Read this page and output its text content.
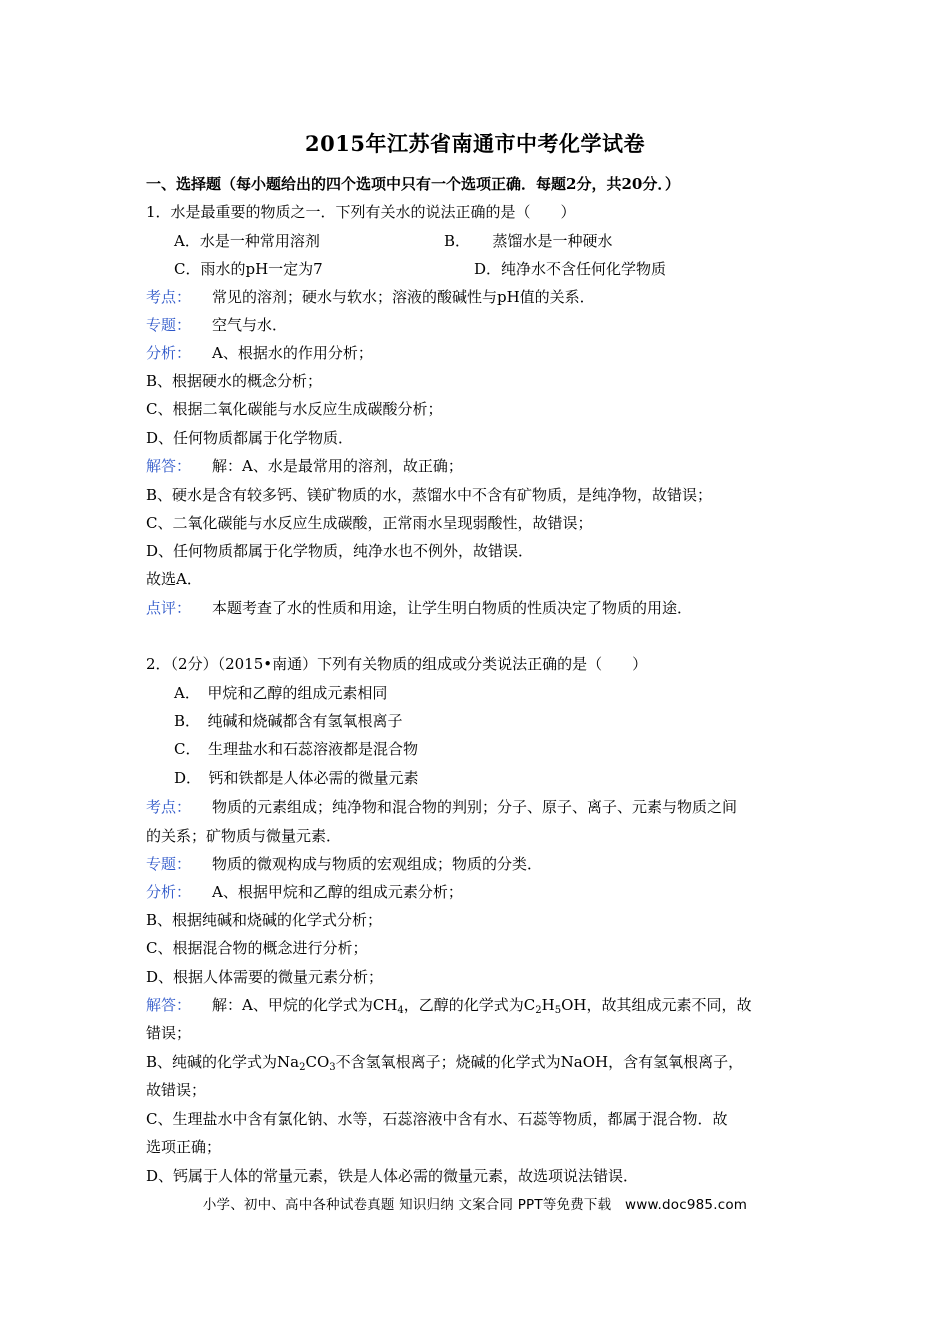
2015年江苏省南通市中考化学试卷
一、选择题（每小题给出的四个选项中只有一个选项正确．每题2分，共20分．）
1．水是最重要的物质之一．下列有关水的说法正确的是（　　）
A．水是一种常用溶剂	B．　　蒸馏水是一种硬水
C．雨水的pH一定为7	D．纯净水不含任何化学物质
考点： 常见的溶剂；硬水与软水；溶液的酸碱性与pH值的关系．
专题： 空气与水．
分析： A、根据水的作用分析；
B、根据硬水的概念分析；
C、根据二氧化碳能与水反应生成碳酸分析；
D、任何物质都属于化学物质．
解答： 解：A、水是最常用的溶剂，故正确；
B、硬水是含有较多钙、镁矿物质的水，蒸馏水中不含有矿物质，是纯净物，故错误；
C、二氧化碳能与水反应生成碳酸，正常雨水呈现弱酸性，故错误；
D、任何物质都属于化学物质，纯净水也不例外，故错误．
故选A．
点评： 本题考查了水的性质和用途，让学生明白物质的性质决定了物质的用途．
2．（2分）（2015•南通）下列有关物质的组成或分类说法正确的是（　　）
A．　甲烷和乙醇的组成元素相同
B．　纯碱和烧碱都含有氢氧根离子
C．　生理盐水和石蕊溶液都是混合物
D．　钙和铁都是人体必需的微量元素
考点： 物质的元素组成；纯净物和混合物的判别；分子、原子、离子、元素与物质之间
的关系；矿物质与微量元素．
专题： 物质的微观构成与物质的宏观组成；物质的分类．
分析： A、根据甲烷和乙醇的组成元素分析；
B、根据纯碱和烧碱的化学式分析；
C、根据混合物的概念进行分析；
D、根据人体需要的微量元素分析；
解答： 解：A、甲烷的化学式为$CH_4$，乙醇的化学式为$C_2H_5OH$，故其组成元素不同，故
错误；
B、纯碱的化学式为$Na_2CO_3$不含氢氧根离子；烧碱的化学式为NaOH，含有氢氧根离子，
故错误；
C、生理盐水中含有氯化钠、水等，石蕊溶液中含有水、石蕊等物质，都属于混合物．故
选项正确；
D、钙属于人体的常量元素，铁是人体必需的微量元素，故选项说法错误．
小学、初中、高中各种试卷真题 知识归纳 文案合同 PPT等免费下载　www.doc985.com
